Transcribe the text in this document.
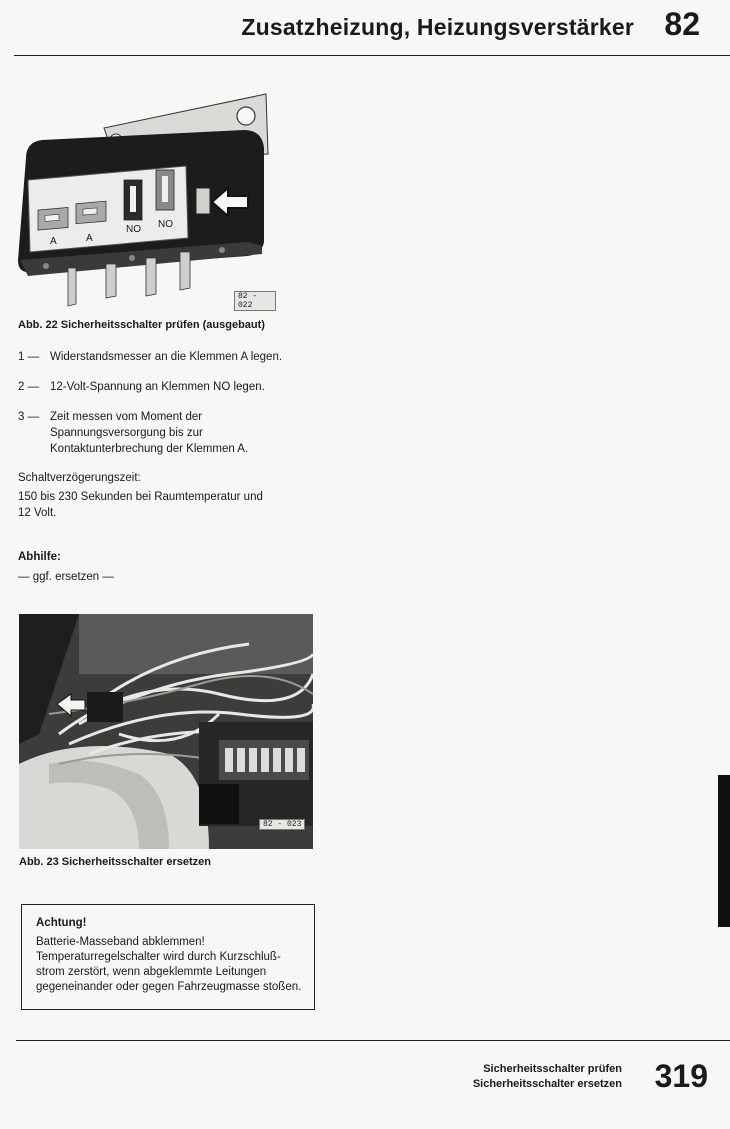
Zusatzheizung, Heizungsverstärker 82
A	A
NO NO
82 - 022
Abb. 22 Sicherheitsschalter prüfen (ausgebaut)
1 — Widerstandsmesser an die Klemmen A legen.
2 — 12-Volt-Spannung an Klemmen NO legen.
3 — Zeit messen vom Moment der Spannungsversorgung bis zur Kontaktunterbrechung der Klemmen A.
Schaltverzögerungszeit:
150 bis 230 Sekunden bei Raumtemperatur und
12 Volt.
Abhilfe:
— ggf. ersetzen —
82 - 023
Abb. 23 Sicherheitsschalter ersetzen
Achtung!
Batterie-Masseband abklemmen!
Temperaturregelschalter wird durch Kurzschluß-
strom zerstört, wenn abgeklemmte Leitungen
gegeneinander oder gegen Fahrzeugmasse stoßen.
Sicherheitsschalter prüfen
Sicherheitsschalter ersetzen 319
